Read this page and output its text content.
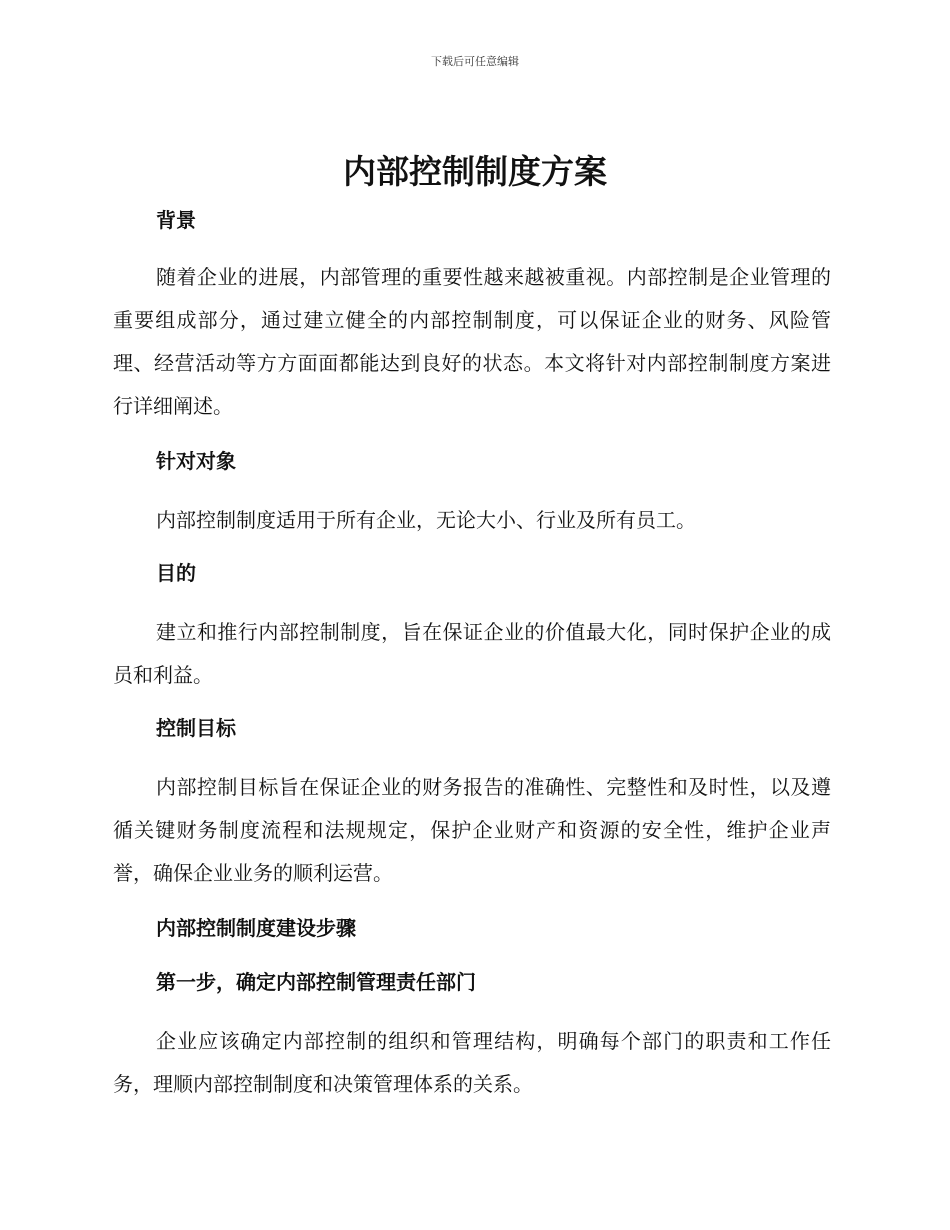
下载后可任意编辑
内部控制制度方案
背景

随着企业的进展，内部管理的重要性越来越被重视。内部控制是企业管理的重要组成部分，通过建立健全的内部控制制度，可以保证企业的财务、风险管理、经营活动等方方面面都能达到良好的状态。本文将针对内部控制制度方案进行详细阐述。

针对对象

内部控制制度适用于所有企业，无论大小、行业及所有员工。

目的

建立和推行内部控制制度，旨在保证企业的价值最大化，同时保护企业的成员和利益。

控制目标

内部控制目标旨在保证企业的财务报告的准确性、完整性和及时性，以及遵循关键财务制度流程和法规规定，保护企业财产和资源的安全性，维护企业声誉，确保企业业务的顺利运营。

内部控制制度建设步骤
第一步，确定内部控制管理责任部门

企业应该确定内部控制的组织和管理结构，明确每个部门的职责和工作任务，理顺内部控制制度和决策管理体系的关系。
